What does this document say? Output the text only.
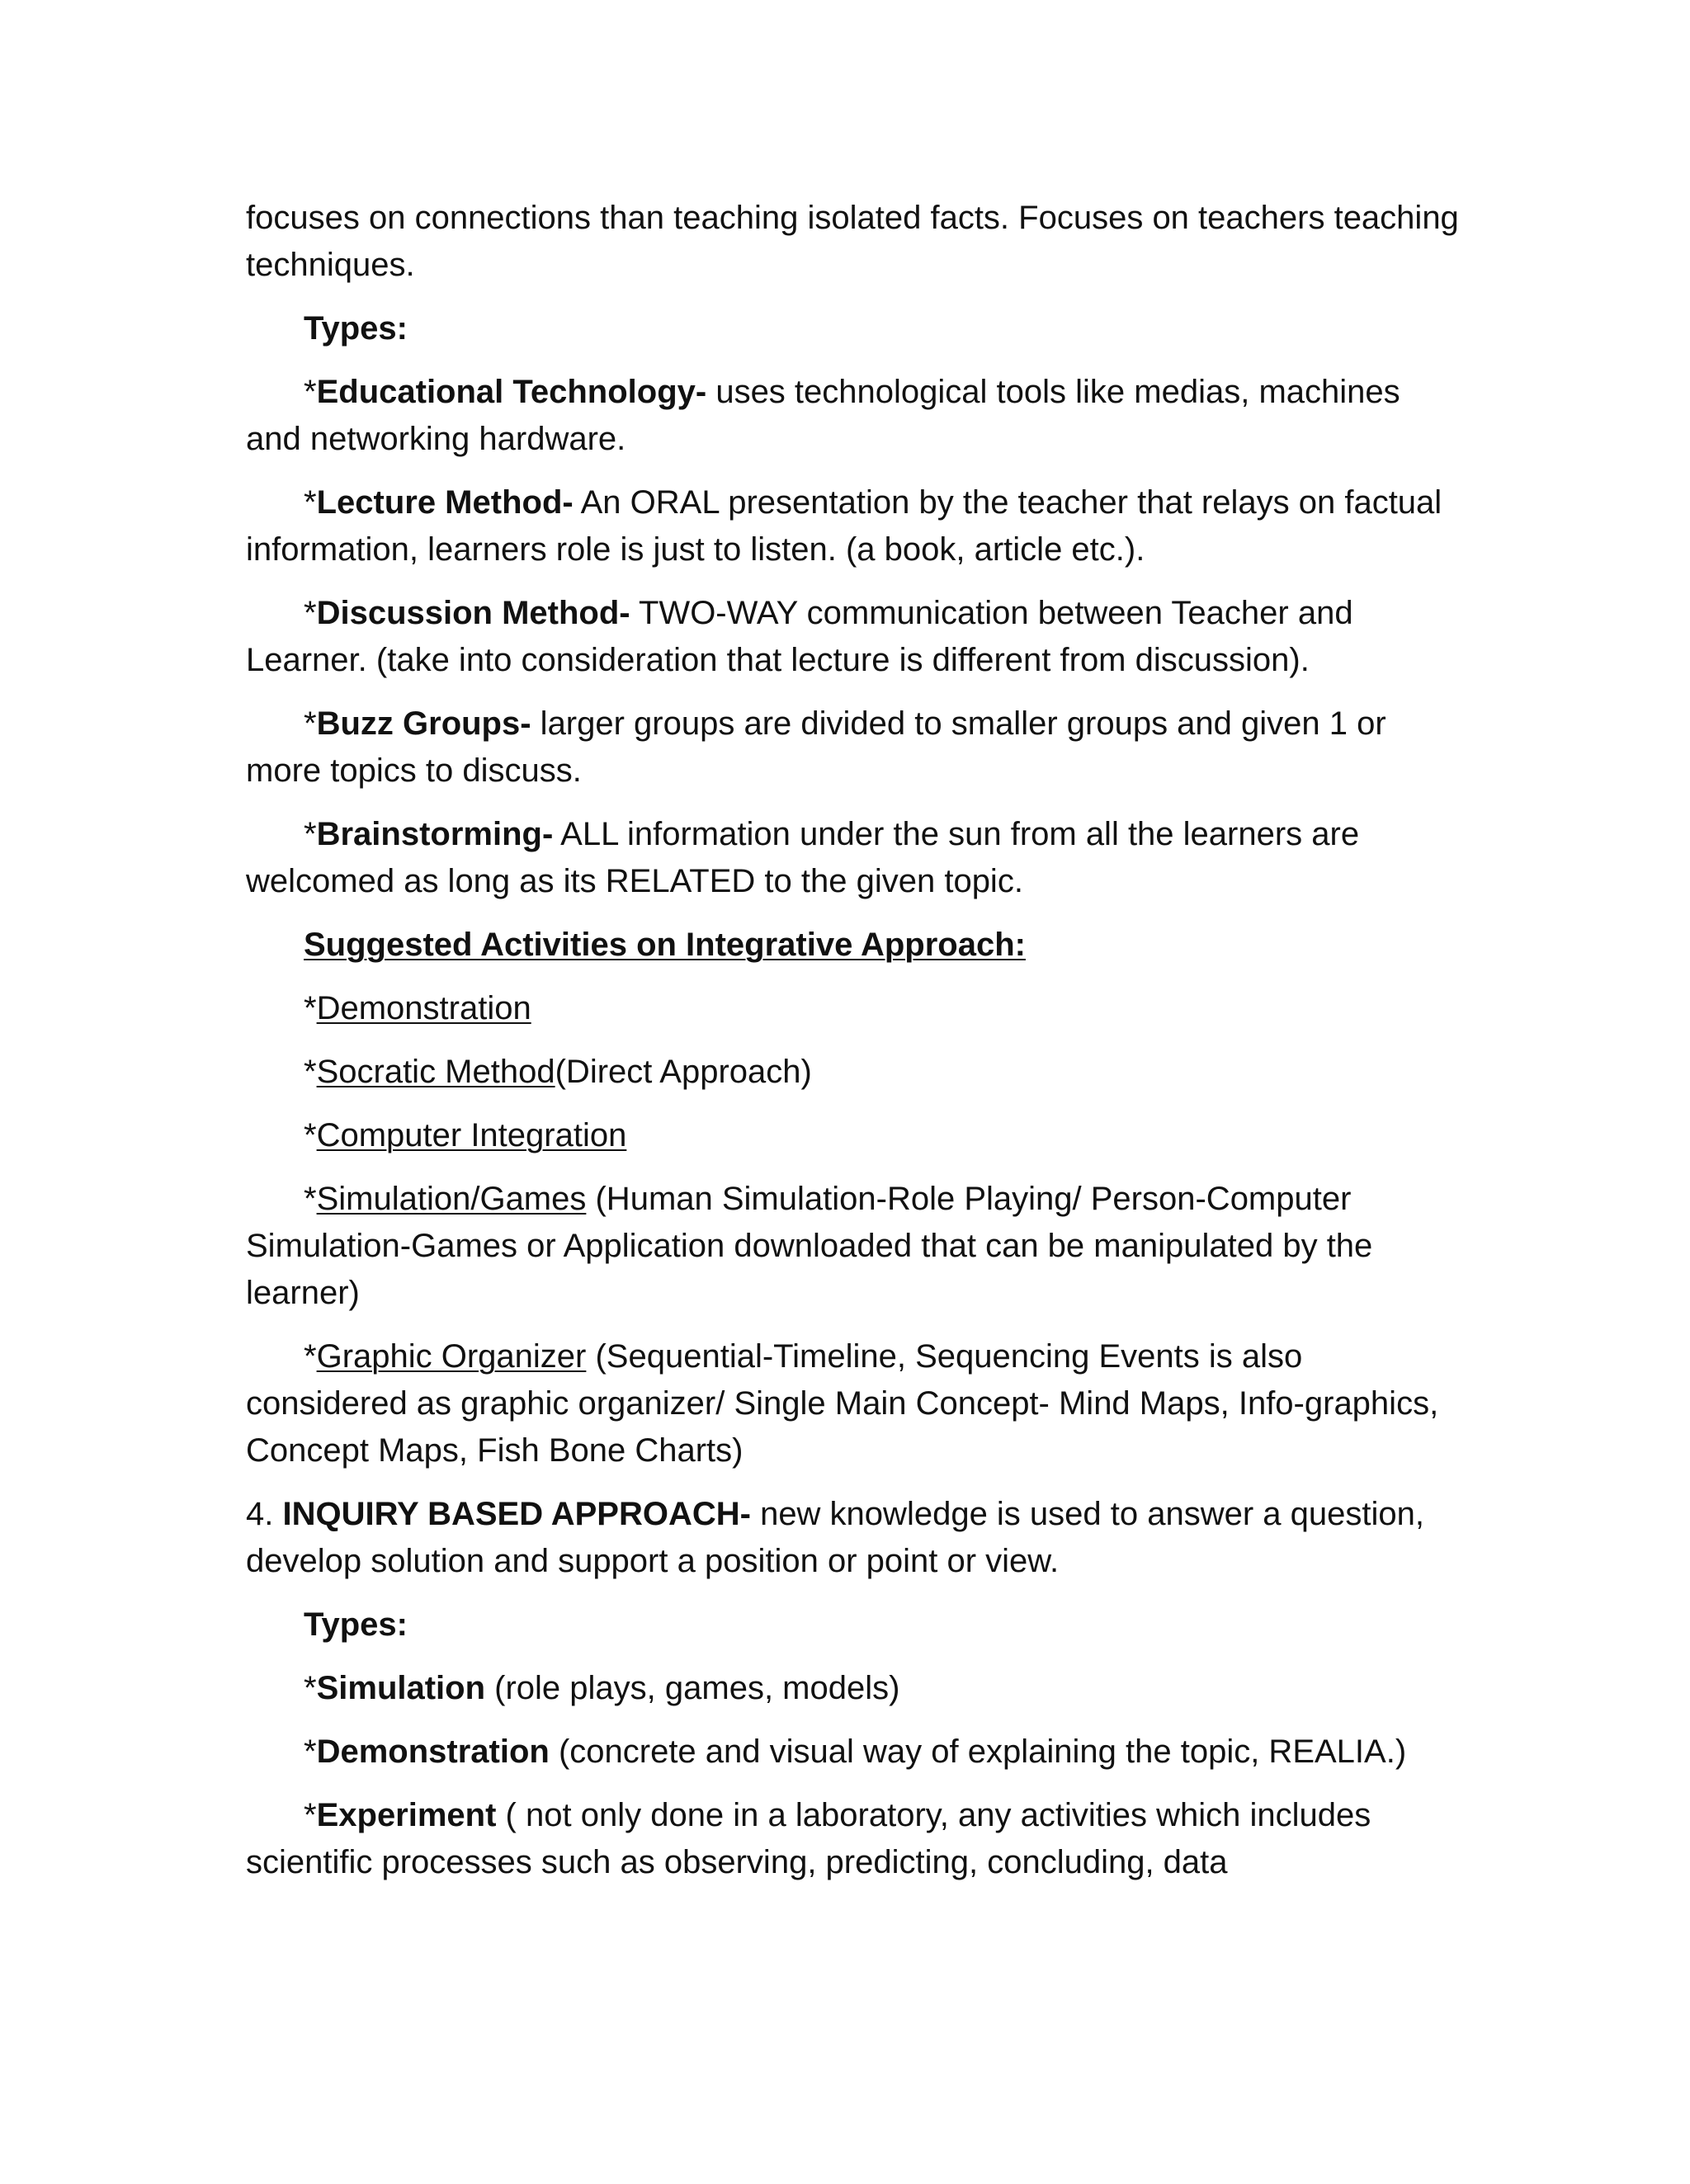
focuses on connections than teaching isolated facts. Focuses on teachers teaching techniques.

Types:

*Educational Technology- uses technological tools like medias, machines and networking hardware.

*Lecture Method- An ORAL presentation by the teacher that relays on factual information, learners role is just to listen. (a book, article etc.).

*Discussion Method- TWO-WAY communication between Teacher and Learner. (take into consideration that lecture is different from discussion).

*Buzz Groups- larger groups are divided to smaller groups and given 1 or more topics to discuss.

*Brainstorming- ALL information under the sun from all the learners are welcomed as long as its RELATED to the given topic.

Suggested Activities on Integrative Approach:

*Demonstration

*Socratic Method(Direct Approach)

*Computer Integration

*Simulation/Games (Human Simulation-Role Playing/ Person-Computer Simulation-Games or Application downloaded that can be manipulated by the learner)

*Graphic Organizer (Sequential-Timeline, Sequencing Events is also considered as graphic organizer/ Single Main Concept- Mind Maps, Info-graphics, Concept Maps, Fish Bone Charts)

4. INQUIRY BASED APPROACH- new knowledge is used to answer a question, develop solution and support a position or point or view.

Types:

*Simulation (role plays, games, models)

*Demonstration (concrete and visual way of explaining the topic, REALIA.)

*Experiment ( not only done in a laboratory, any activities which includes scientific processes such as observing, predicting, concluding, data
